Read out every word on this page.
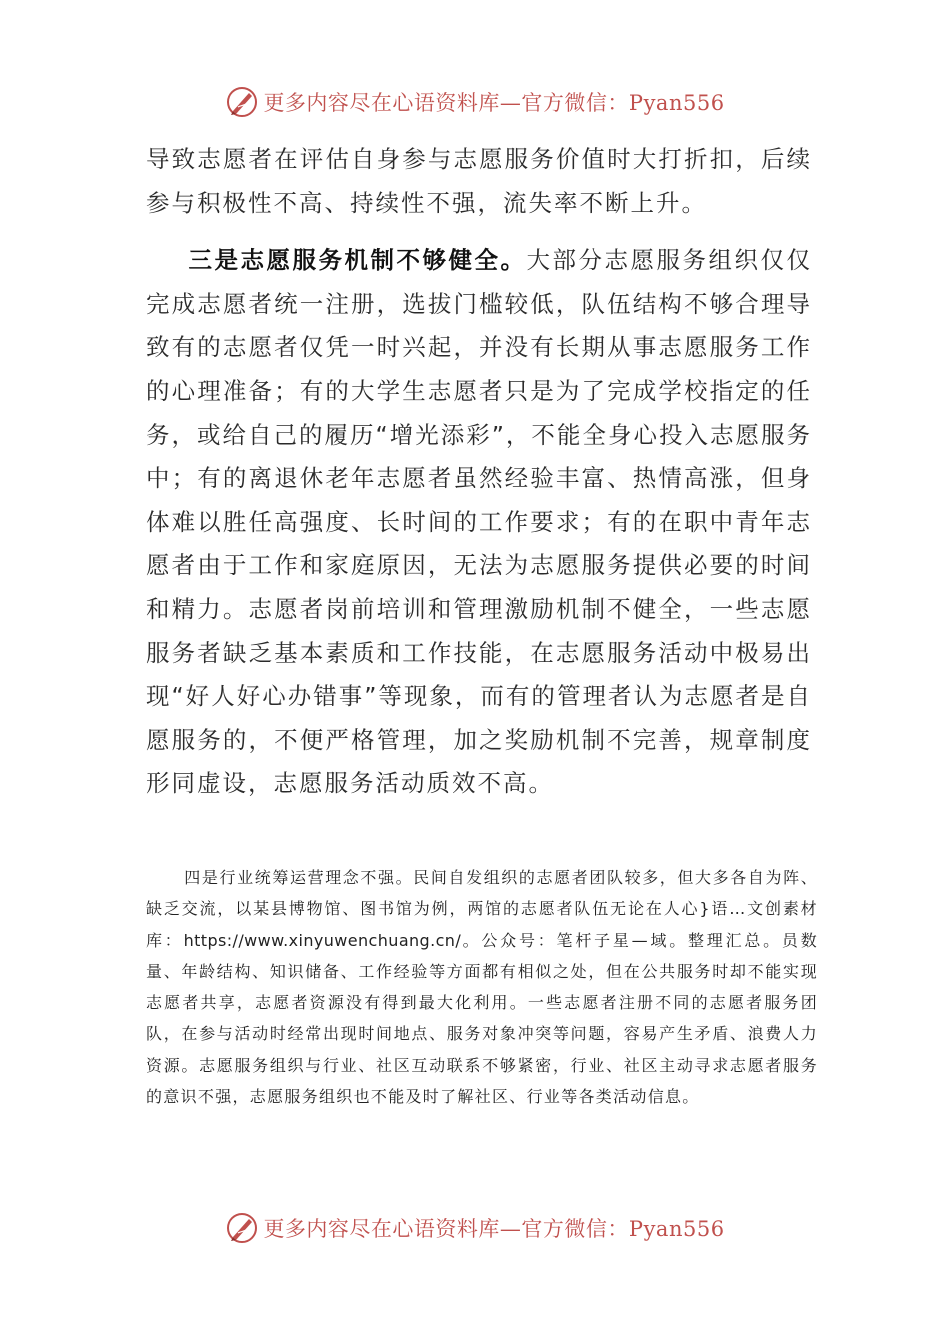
更多内容尽在心语资料库—官方微信：Pyan556

导致志愿者在评估自身参与志愿服务价值时大打折扣，后续参与积极性不高、持续性不强，流失率不断上升。

三是志愿服务机制不够健全。大部分志愿服务组织仅仅完成志愿者统一注册，选拔门槛较低，队伍结构不够合理导致有的志愿者仅凭一时兴起，并没有长期从事志愿服务工作的心理准备；有的大学生志愿者只是为了完成学校指定的任务，或给自己的履历“增光添彩”，不能全身心投入志愿服务中；有的离退休老年志愿者虽然经验丰富、热情高涨，但身体难以胜任高强度、长时间的工作要求；有的在职中青年志愿者由于工作和家庭原因，无法为志愿服务提供必要的时间和精力。志愿者岗前培训和管理激励机制不健全，一些志愿服务者缺乏基本素质和工作技能，在志愿服务活动中极易出现“好人好心办错事”等现象，而有的管理者认为志愿者是自愿服务的，不便严格管理，加之奖励机制不完善，规章制度形同虚设，志愿服务活动质效不高。

四是行业统筹运营理念不强。民间自发组织的志愿者团队较多，但大多各自为阵、缺乏交流，以某县博物馆、图书馆为例，两馆的志愿者队伍无论在人心}语…文创素材库：https://www.xinyuwenchuang.cn/。公众号：笔杆子星—域。整理汇总。员数量、年龄结构、知识储备、工作经验等方面都有相似之处，但在公共服务时却不能实现志愿者共享，志愿者资源没有得到最大化利用。一些志愿者注册不同的志愿者服务团队，在参与活动时经常出现时间地点、服务对象冲突等问题，容易产生矛盾、浪费人力资源。志愿服务组织与行业、社区互动联系不够紧密，行业、社区主动寻求志愿者服务的意识不强，志愿服务组织也不能及时了解社区、行业等各类活动信息。

更多内容尽在心语资料库—官方微信：Pyan556
